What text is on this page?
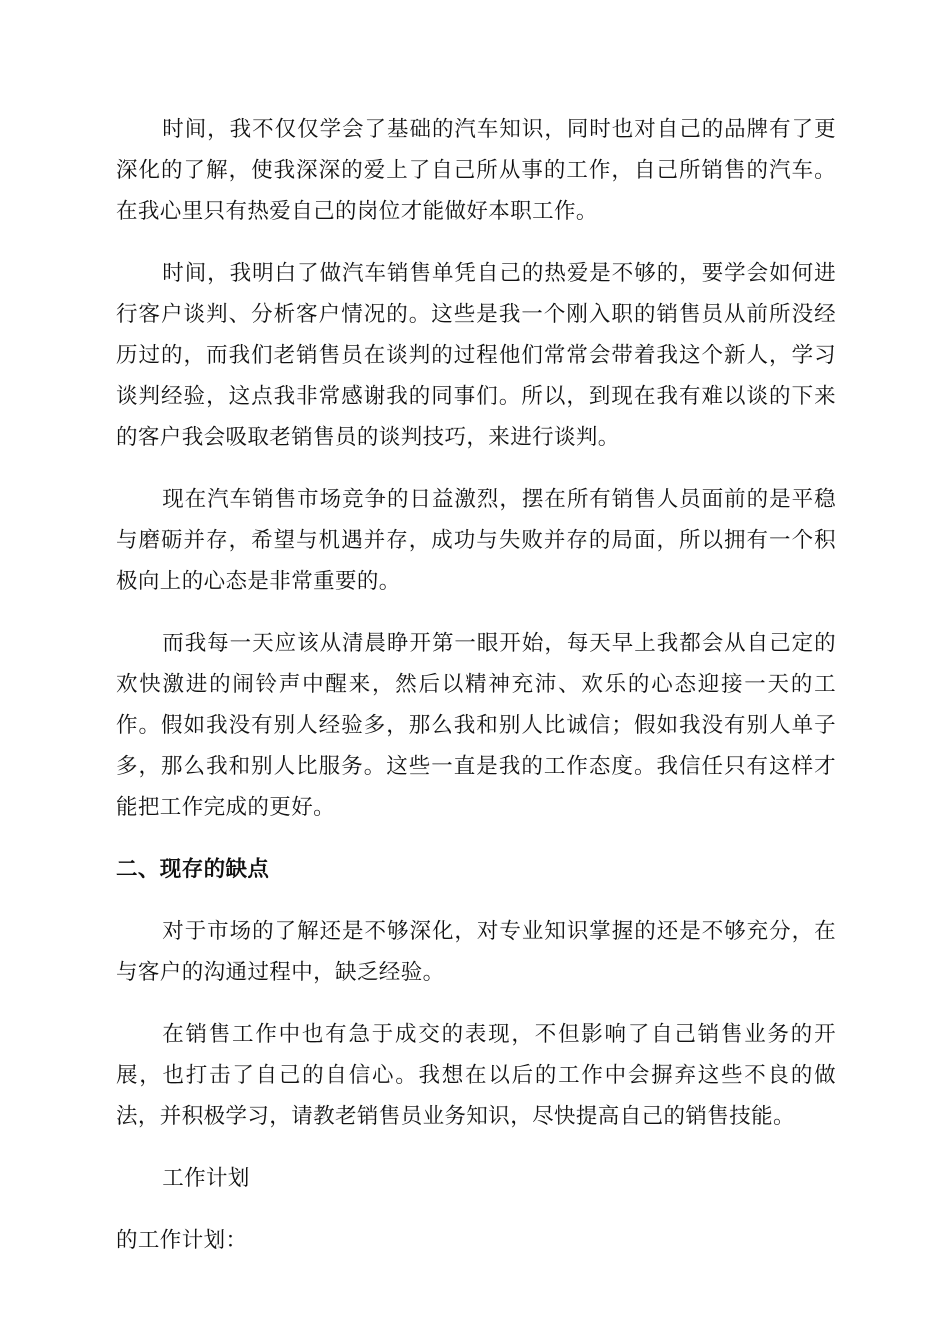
时间，我不仅仅学会了基础的汽车知识，同时也对自己的品牌有了更深化的了解，使我深深的爱上了自己所从事的工作，自己所销售的汽车。在我心里只有热爱自己的岗位才能做好本职工作。

时间，我明白了做汽车销售单凭自己的热爱是不够的，要学会如何进行客户谈判、分析客户情况的。这些是我一个刚入职的销售员从前所没经历过的，而我们老销售员在谈判的过程他们常常会带着我这个新人，学习谈判经验，这点我非常感谢我的同事们。所以，到现在我有难以谈的下来的客户我会吸取老销售员的谈判技巧，来进行谈判。

现在汽车销售市场竞争的日益激烈，摆在所有销售人员面前的是平稳与磨砺并存，希望与机遇并存，成功与失败并存的局面，所以拥有一个积极向上的心态是非常重要的。

而我每一天应该从清晨睁开第一眼开始，每天早上我都会从自己定的欢快激进的闹铃声中醒来，然后以精神充沛、欢乐的心态迎接一天的工作。假如我没有别人经验多，那么我和别人比诚信；假如我没有别人单子多，那么我和别人比服务。这些一直是我的工作态度。我信任只有这样才能把工作完成的更好。

二、现存的缺点

对于市场的了解还是不够深化，对专业知识掌握的还是不够充分，在与客户的沟通过程中，缺乏经验。

在销售工作中也有急于成交的表现，不但影响了自己销售业务的开展，也打击了自己的自信心。我想在以后的工作中会摒弃这些不良的做法，并积极学习，请教老销售员业务知识，尽快提高自己的销售技能。

工作计划

的工作计划：
